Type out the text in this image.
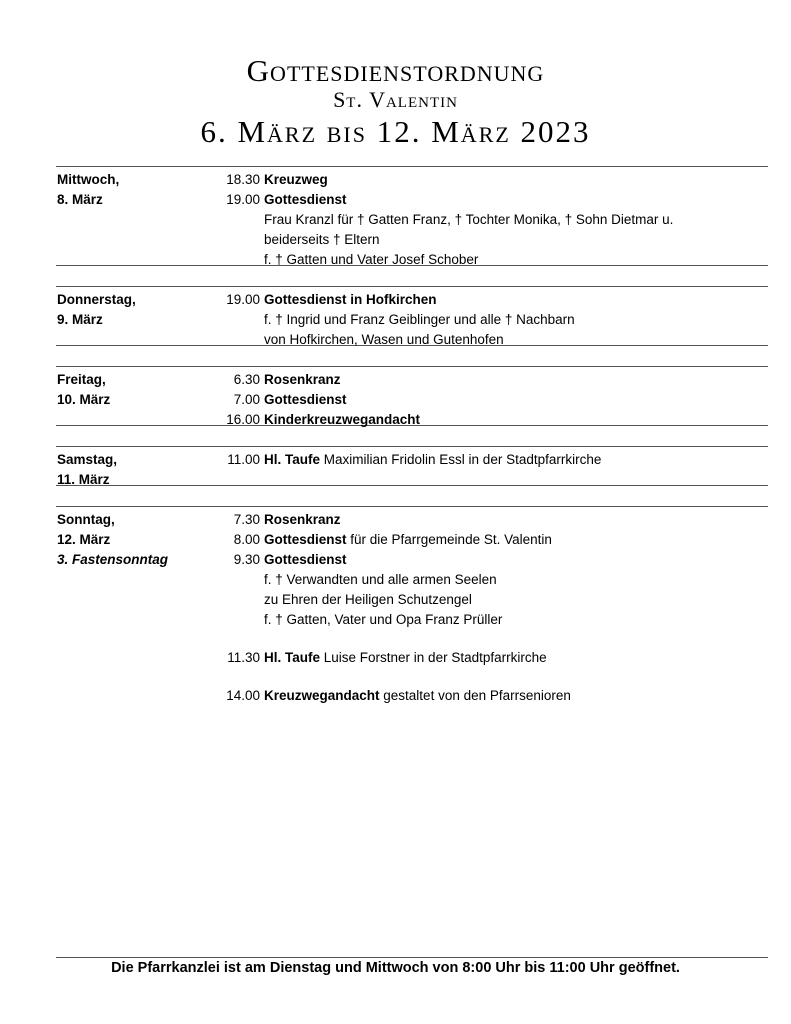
Gottesdienstordnung
St. Valentin
6. März bis 12. März 2023
Mittwoch,
8. März
18.30 Kreuzweg
19.00 Gottesdienst
Frau Kranzl für † Gatten Franz, † Tochter Monika, † Sohn Dietmar u.
beiderseits † Eltern
f. † Gatten und Vater Josef Schober
Donnerstag,
9. März
19.00 Gottesdienst in Hofkirchen
f. † Ingrid und Franz Geiblinger und alle † Nachbarn
von Hofkirchen, Wasen und Gutenhofen
Freitag,
10. März
6.30 Rosenkranz
7.00 Gottesdienst
16.00 Kinderkreuzwegandacht
Samstag,
11. März
11.00 Hl. Taufe Maximilian Fridolin Essl in der Stadtpfarrkirche
Sonntag,
12. März
3. Fastensonntag
7.30 Rosenkranz
8.00 Gottesdienst für die Pfarrgemeinde St. Valentin
9.30 Gottesdienst
f. † Verwandten und alle armen Seelen
zu Ehren der Heiligen Schutzengel
f. † Gatten, Vater und Opa Franz Prüller
11.30 Hl. Taufe Luise Forstner in der Stadtpfarrkirche
14.00 Kreuzwegandacht gestaltet von den Pfarrsenioren
Die Pfarrkanzlei ist am Dienstag und Mittwoch von 8:00 Uhr bis 11:00 Uhr geöffnet.
